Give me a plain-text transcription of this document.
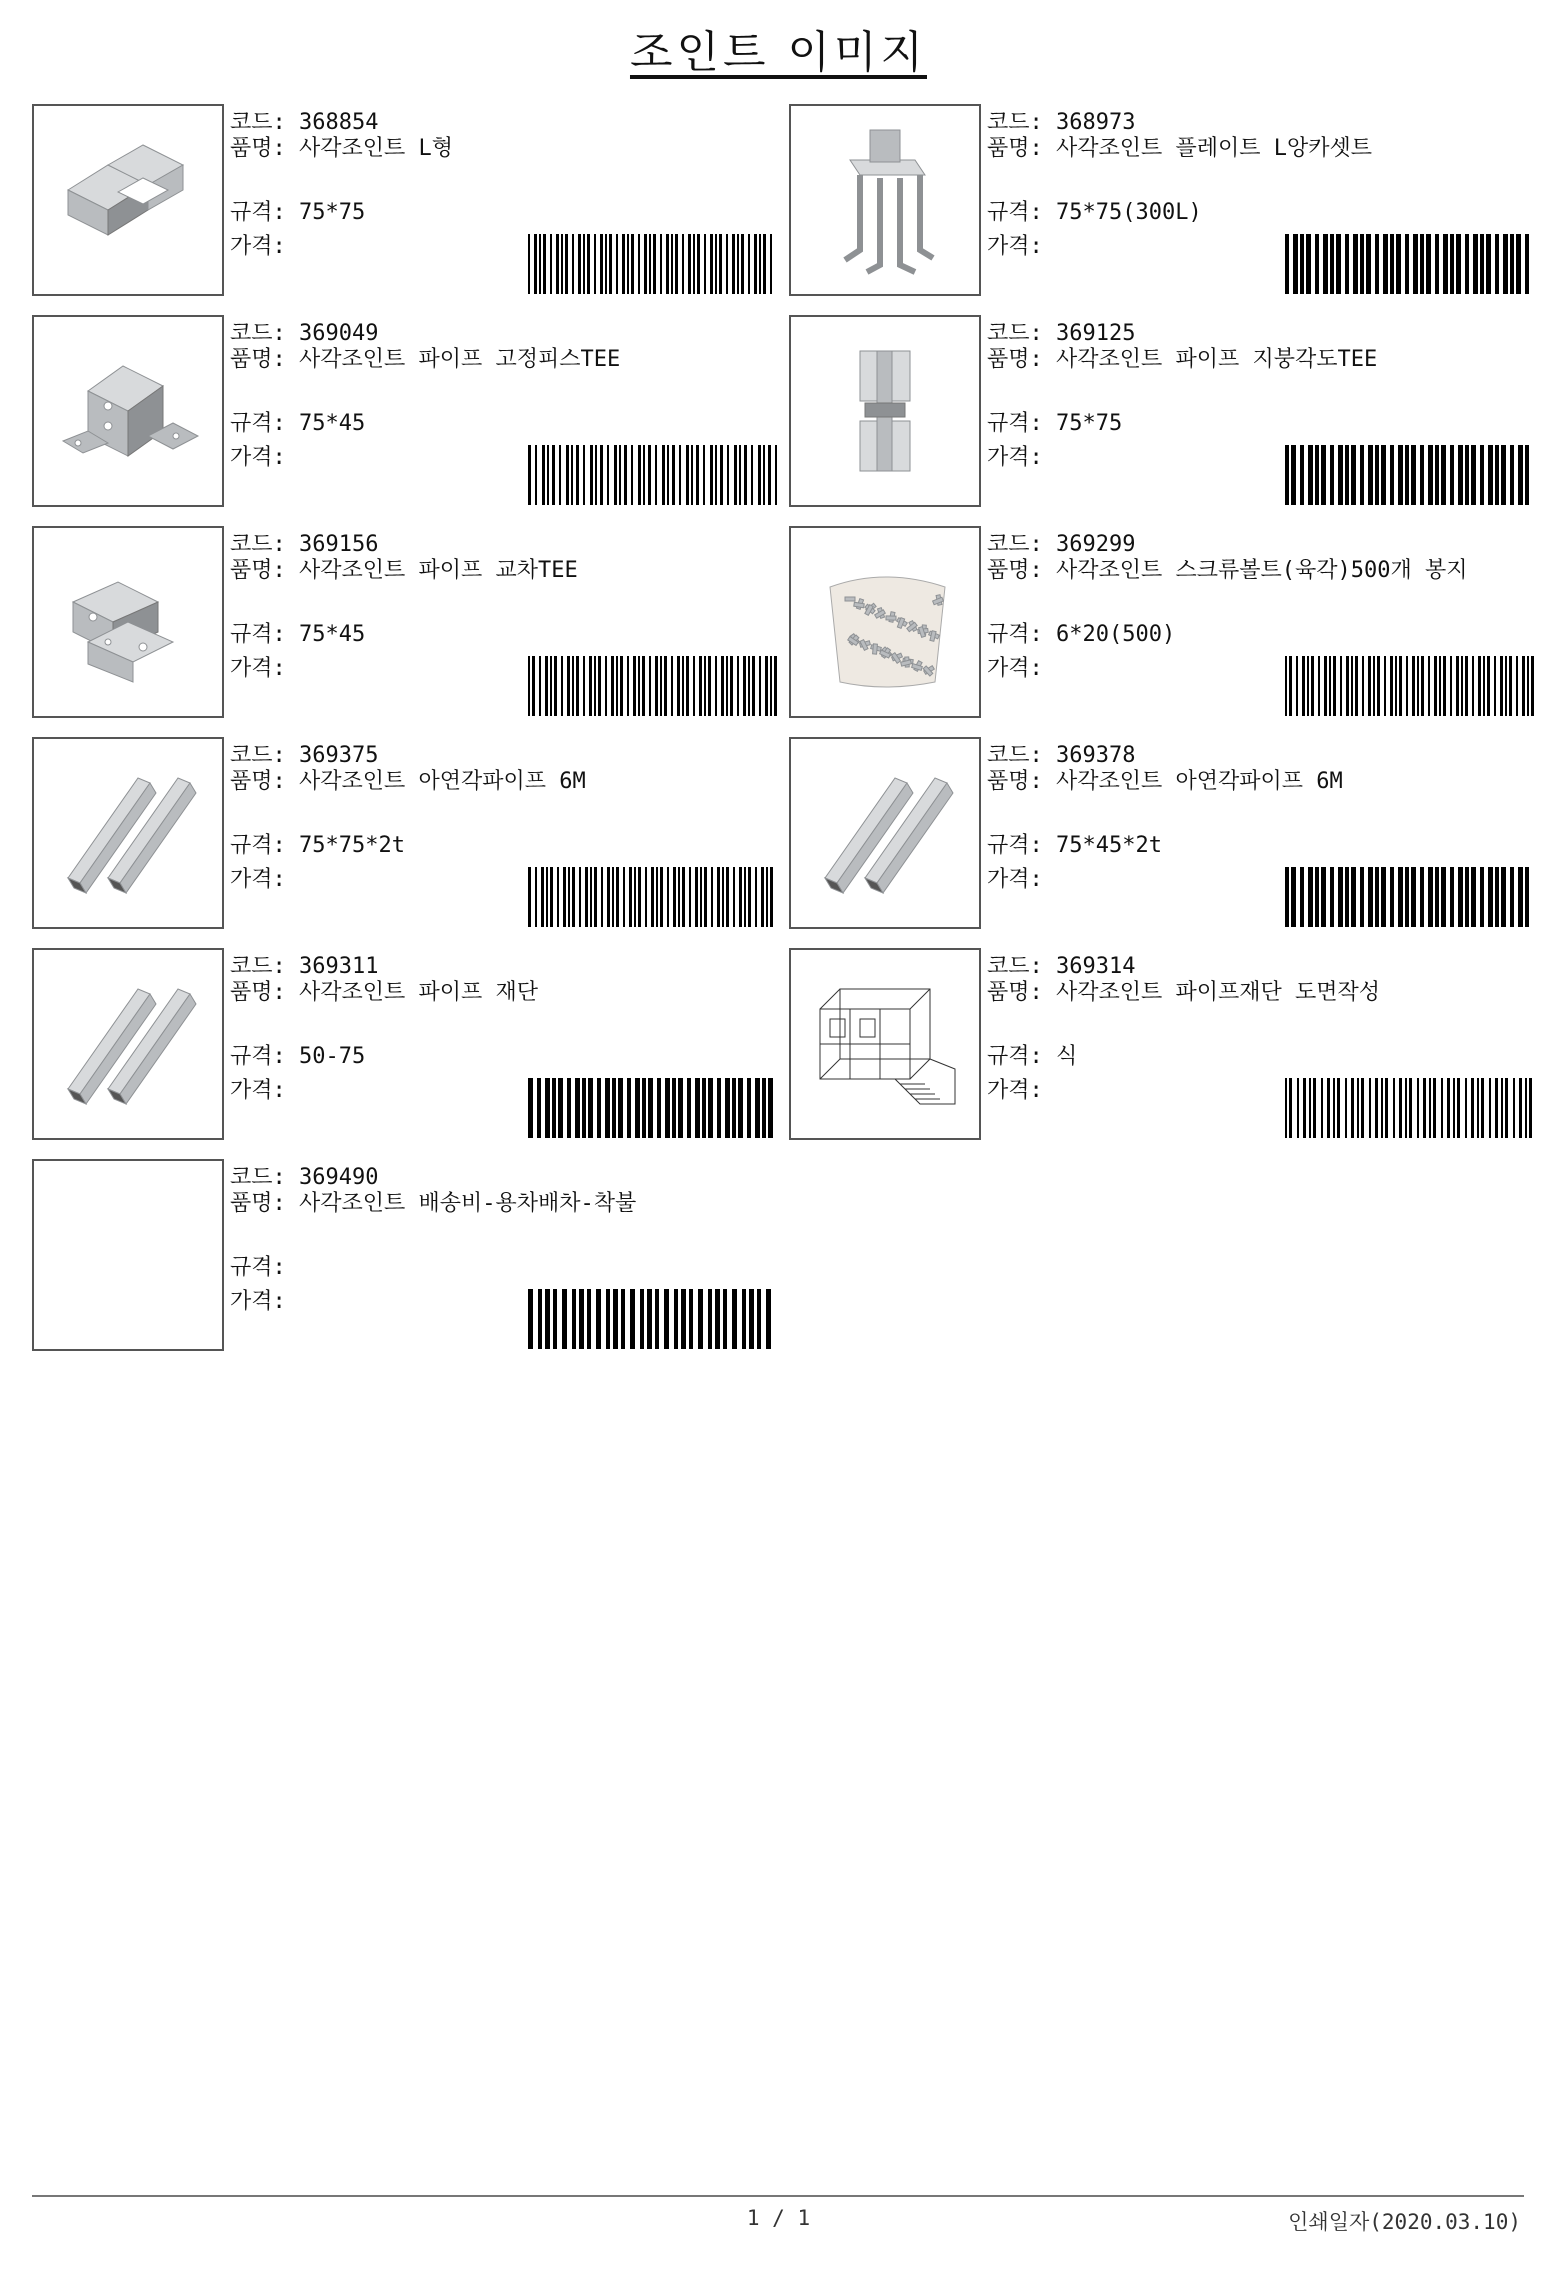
조인트 이미지
코드: 368854
품명: 사각조인트 L형
규격: 75*75
가격:
코드: 368973
품명: 사각조인트 플레이트 L앙카셋트
규격: 75*75(300L)
가격:
코드: 369049
품명: 사각조인트 파이프 고정피스TEE
규격: 75*45
가격:
코드: 369125
품명: 사각조인트 파이프 지붕각도TEE
규격: 75*75
가격:
코드: 369156
품명: 사각조인트 파이프 교차TEE
규격: 75*45
가격:
코드: 369299
품명: 사각조인트 스크류볼트(육각)500개 봉지
규격: 6*20(500)
가격:
코드: 369375
품명: 사각조인트 아연각파이프 6M
규격: 75*75*2t
가격:
코드: 369378
품명: 사각조인트 아연각파이프 6M
규격: 75*45*2t
가격:
코드: 369311
품명: 사각조인트 파이프 재단
규격: 50-75
가격:
코드: 369314
품명: 사각조인트 파이프재단 도면작성
규격: 식
가격:
코드: 369490
품명: 사각조인트 배송비-용차배차-착불
규격:
가격:
1 / 1	인쇄일자(2020.03.10)
